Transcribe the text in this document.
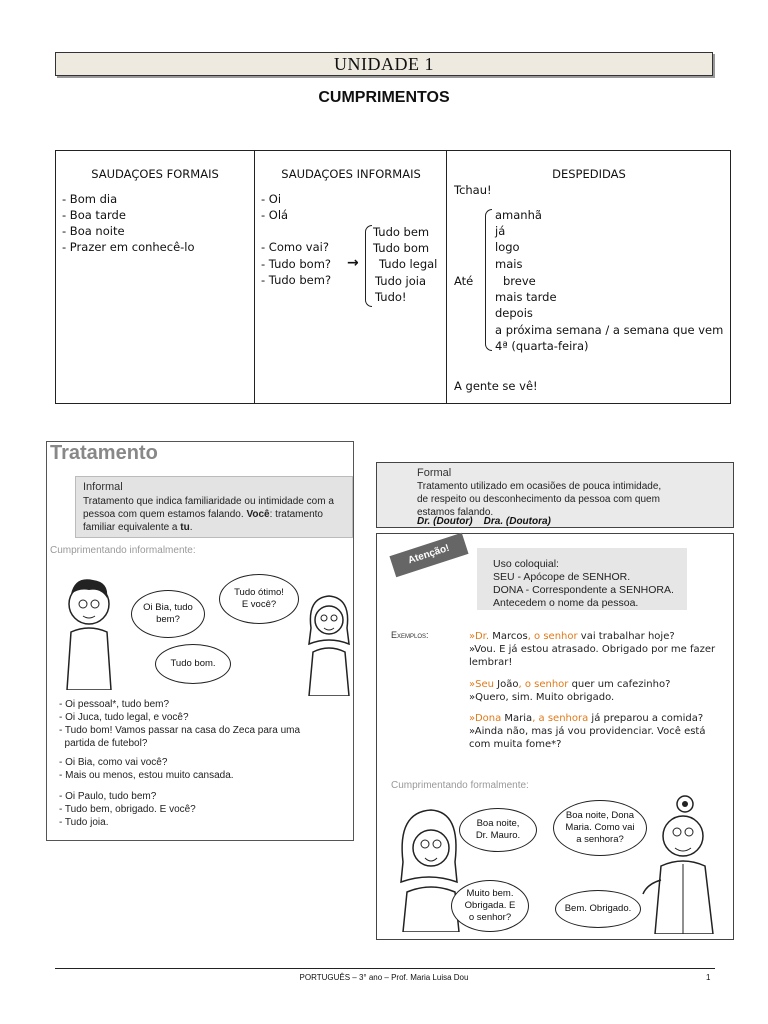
UNIDADE 1
CUMPRIMENTOS
SAUDAÇOES FORMAIS
- Bom dia
- Boa tarde
- Boa noite
- Prazer em conhecê-lo
SAUDAÇOES INFORMAIS
- Oi
- Olá
- Como vai?
- Tudo bom?
- Tudo bem?
→
Tudo bem
Tudo bom
Tudo legal
Tudo joia
Tudo!
DESPEDIDAS
Tchau!
Até
amanhã
já
logo
mais
breve
mais tarde
depois
a próxima semana / a semana que vem
4ª (quarta-feira)
A gente se vê!
Tratamento
Informal
Tratamento que indica familiaridade ou intimidade com a
pessoa com quem estamos falando. Você: tratamento
familiar equivalente a tu.
Cumprimentando informalmente:
Oi Bia, tudo bem?
Tudo ótimo! E você?
Tudo bom.
- Oi pessoal*, tudo bem?
- Oi Juca, tudo legal, e você?
- Tudo bom! Vamos passar na casa do Zeca para uma
partida de futebol?
- Oi Bia, como vai você?
- Mais ou menos, estou muito cansada.
- Oi Paulo, tudo bem?
- Tudo bem, obrigado. E você?
- Tudo joia.
Formal
Tratamento utilizado em ocasiões de pouca intimidade,
de respeito ou desconhecimento da pessoa com quem
estamos falando.
Dr. (Doutor)    Dra. (Doutora)
Atenção!	Uso coloquial:
SEU - Apócope de SENHOR.
DONA - Correspondente a SENHORA.
Antecedem o nome da pessoa.
Exemplos:	»Dr. Marcos, o senhor vai trabalhar hoje?
»Vou. E já estou atrasado. Obrigado por me fazer
lembrar!
»Seu João, o senhor quer um cafezinho?
»Quero, sim. Muito obrigado.
»Dona Maria, a senhora já preparou a comida?
»Ainda não, mas já vou providenciar. Você está
com muita fome*?
Cumprimentando formalmente:
Boa noite, Dr. Mauro.
Boa noite, Dona Maria. Como vai a senhora?
Muito bem. Obrigada. E o senhor?
Bem. Obrigado.
PORTUGUÊS – 3° ano – Prof. Maria Luisa Dou	1
